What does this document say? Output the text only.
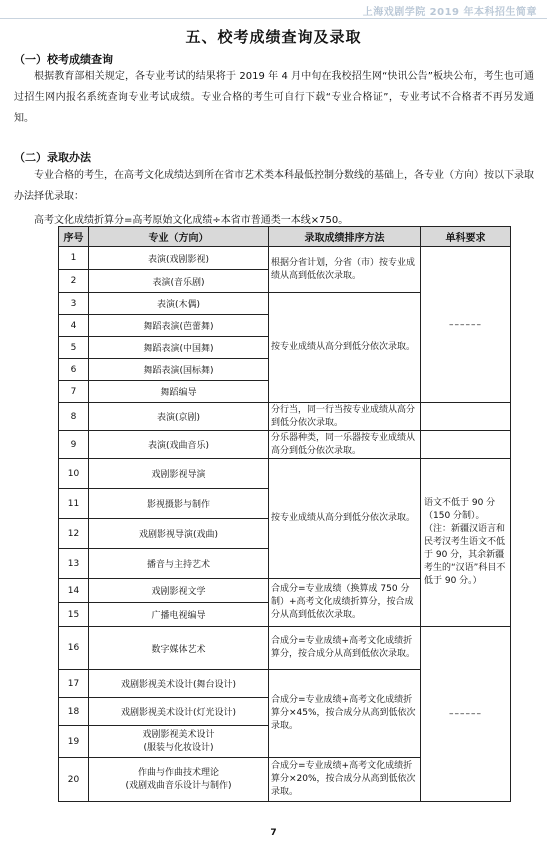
上海戏剧学院 2019 年本科招生简章
五、校考成绩查询及录取
（一）校考成绩查询
根据教育部相关规定，各专业考试的结果将于 2019 年 4 月中旬在我校招生网“快讯公告”板块公布，考生也可通过招生网内报名系统查询专业考试成绩。专业合格的考生可自行下载“专业合格证”，专业考试不合格者不再另发通知。
（二）录取办法
专业合格的考生，在高考文化成绩达到所在省市艺术类本科最低控制分数线的基础上，各专业（方向）按以下录取办法择优录取：
高考文化成绩折算分=高考原始文化成绩÷本省市普通类一本线×750。
序号	专业（方向）	录取成绩排序方法	单科要求
1	表演(戏剧影视)	根据分省计划，分省（市）按专业成绩从高到低依次录取。	––––––
2	表演(音乐剧)		
3	表演(木偶)	按专业成绩从高分到低分依次录取。	
4	舞蹈表演(芭蕾舞)		
5	舞蹈表演(中国舞)		
6	舞蹈表演(国标舞)		
7	舞蹈编导		
8	表演(京剧)	分行当，同一行当按专业成绩从高分到低分依次录取。	
9	表演(戏曲音乐)	分乐器种类，同一乐器按专业成绩从高分到低分依次录取。	
10	戏剧影视导演	按专业成绩从高分到低分依次录取。	语文不低于 90 分（150 分制）。（注：新疆汉语言和民考汉考生语文不低于 90 分，其余新疆考生的“汉语”科目不低于 90 分。）
11	影视摄影与制作		
12	戏剧影视导演(戏曲)		
13	播音与主持艺术		
14	戏剧影视文学	合成分=专业成绩（换算成 750 分制）+高考文化成绩折算分，按合成分从高到低依次录取。	
15	广播电视编导		
16	数字媒体艺术	合成分=专业成绩+高考文化成绩折算分，按合成分从高到低依次录取。	––––––
17	戏剧影视美术设计(舞台设计)	合成分=专业成绩+高考文化成绩折算分×45%，按合成分从高到低依次录取。	
18	戏剧影视美术设计(灯光设计)		
19	戏剧影视美术设计
(服装与化妆设计)		

20	作曲与作曲技术理论
(戏剧戏曲音乐设计与制作)	合成分=专业成绩+高考文化成绩折算分×20%，按合成分从高到低依次录取。	
7
